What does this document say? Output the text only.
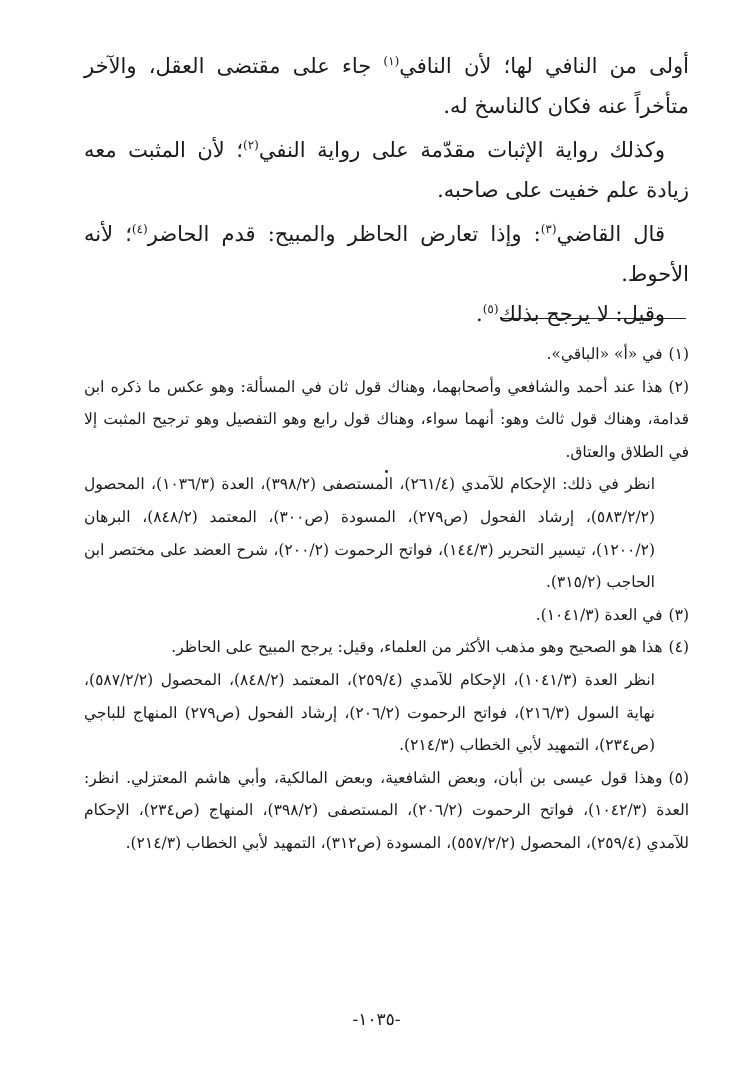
أولى من النافي لها؛ لأن النافي$^{(١)}$ جاء على مقتضى العقل، والآخر متأخراً عنه فكان كالناسخ له.

وكذلك رواية الإثبات مقدّمة على رواية النفي$^{(٢)}$؛ لأن المثبت معه زيادة علم خفيت على صاحبه.

قال القاضي$^{(٣)}$: وإذا تعارض الحاظر والمبيح: قدم الحاضر$^{(٤)}$؛ لأنه الأحوط.

وقيل: لا يرجح بذلك$^{(٥)}$.

(١)في «أ» «الباقي».

(٢)هذا عند أحمد والشافعي وأصحابهما، وهناك قول ثان في المسألة: وهو عكس ما ذكره ابن قدامة، وهناك قول ثالث وهو: أنهما سواء، وهناك قول رابع وهو التفصيل وهو ترجيح المثبت إلا في الطلاق والعتاق.

انظر في ذلك: الإحكام للآمدي (٢٦١/٤)، المستصفى (٣٩٨/٢)، العدة (١٠٣٦/٣)، المحصول (٥٨٣/٢/٢)، إرشاد الفحول (ص٢٧٩)، المسودة (ص٣٠٠)، المعتمد (٨٤٨/٢)، البرهان (١٢٠٠/٢)، تيسير التحرير (١٤٤/٣)، فواتح الرحموت (٢٠٠/٢)، شرح العضد على مختصر ابن الحاجب (٣١٥/٢).

(٣)في العدة (١٠٤١/٣).

(٤)هذا هو الصحيح وهو مذهب الأكثر من العلماء، وقيل: يرجح المبيح على الحاظر.

انظر العدة (١٠٤١/٣)، الإحكام للآمدي (٢٥٩/٤)، المعتمد (٨٤٨/٢)، المحصول (٥٨٧/٢/٢)، نهاية السول (٢١٦/٣)، فواتح الرحموت (٢٠٦/٢)، إرشاد الفحول (ص٢٧٩) المنهاج للباجي (ص٢٣٤)، التمهيد لأبي الخطاب (٢١٤/٣).

(٥)وهذا قول عيسى بن أبان، وبعض الشافعية، وبعض المالكية، وأبي هاشم المعتزلي. انظر: العدة (١٠٤٢/٣)، فواتح الرحموت (٢٠٦/٢)، المستصفى (٣٩٨/٢)، المنهاج (ص٢٣٤)، الإحكام للآمدي (٢٥٩/٤)، المحصول (٥٥٧/٢/٢)، المسودة (ص٣١٢)، التمهيد لأبي الخطاب (٢١٤/٣).

-١٠٣٥-
